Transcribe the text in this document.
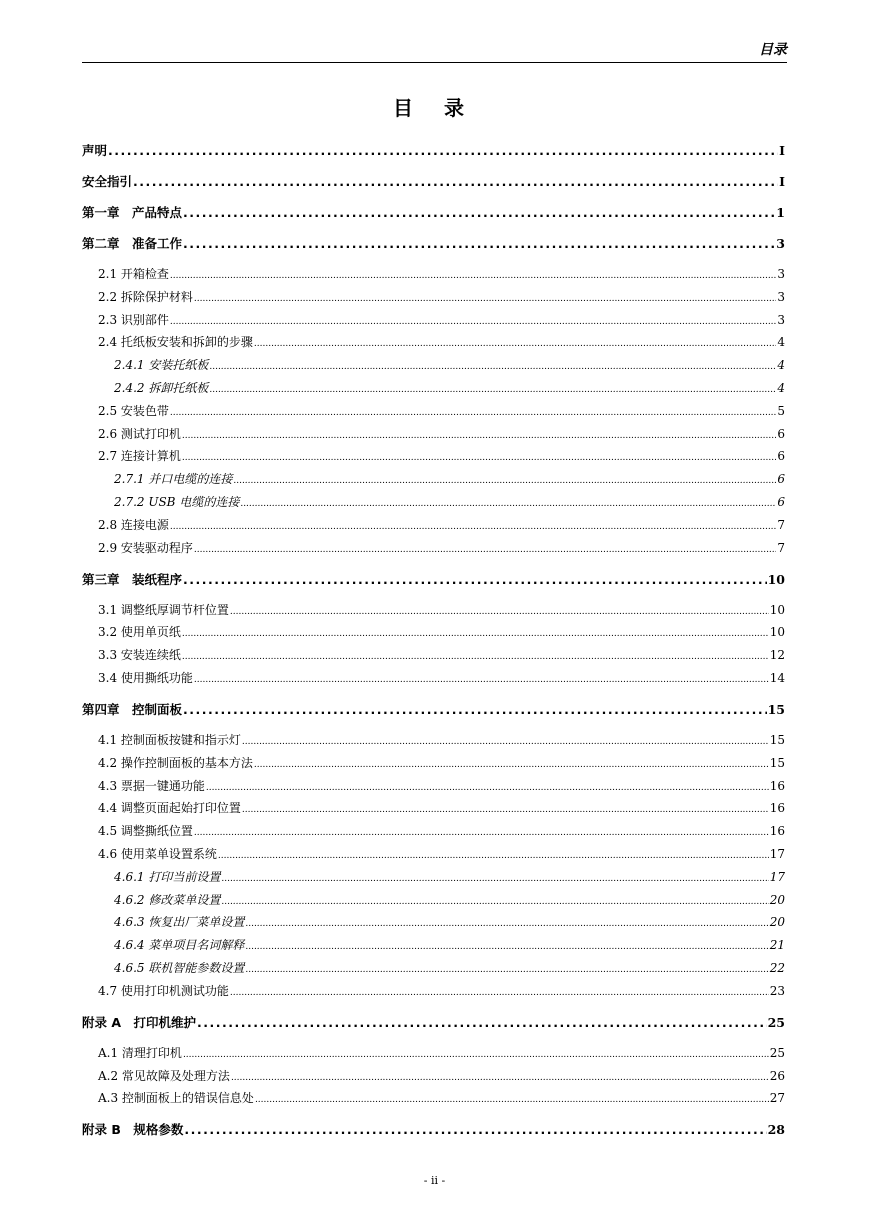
目录
目 录
声明 .....	I
安全指引 .....	I
第一章　产品特点 .....	1
第二章　准备工作 .....	3
2.1 开箱检查 .....	3
2.2 拆除保护材料 .....	3
2.3 识别部件 .....	3
2.4 托纸板安装和拆卸的步骤 .....	4
2.4.1 安装托纸板 .....	4
2.4.2 拆卸托纸板 .....	4
2.5 安装色带 .....	5
2.6 测试打印机 .....	6
2.7 连接计算机 .....	6
2.7.1 并口电缆的连接 .....	6
2.7.2 USB 电缆的连接 .....	6
2.8 连接电源 .....	7
2.9 安装驱动程序 .....	7
第三章　装纸程序 .....	10
3.1 调整纸厚调节杆位置 .....	10
3.2 使用单页纸 .....	10
3.3 安装连续纸 .....	12
3.4 使用撕纸功能 .....	14
第四章　控制面板 .....	15
4.1 控制面板按键和指示灯 .....	15
4.2 操作控制面板的基本方法 .....	15
4.3 票据一键通功能 .....	16
4.4 调整页面起始打印位置 .....	16
4.5 调整撕纸位置 .....	16
4.6 使用菜单设置系统 .....	17
4.6.1 打印当前设置 .....	17
4.6.2 修改菜单设置 .....	20
4.6.3 恢复出厂菜单设置 .....	20
4.6.4 菜单项目名词解释 .....	21
4.6.5 联机智能参数设置 .....	22
4.7 使用打印机测试功能 .....	23
附录 A　打印机维护 .....	25
A.1 清理打印机 .....	25
A.2 常见故障及处理方法 .....	26
A.3 控制面板上的错误信息处 .....	27
附录 B　规格参数 .....	28
- ii -
